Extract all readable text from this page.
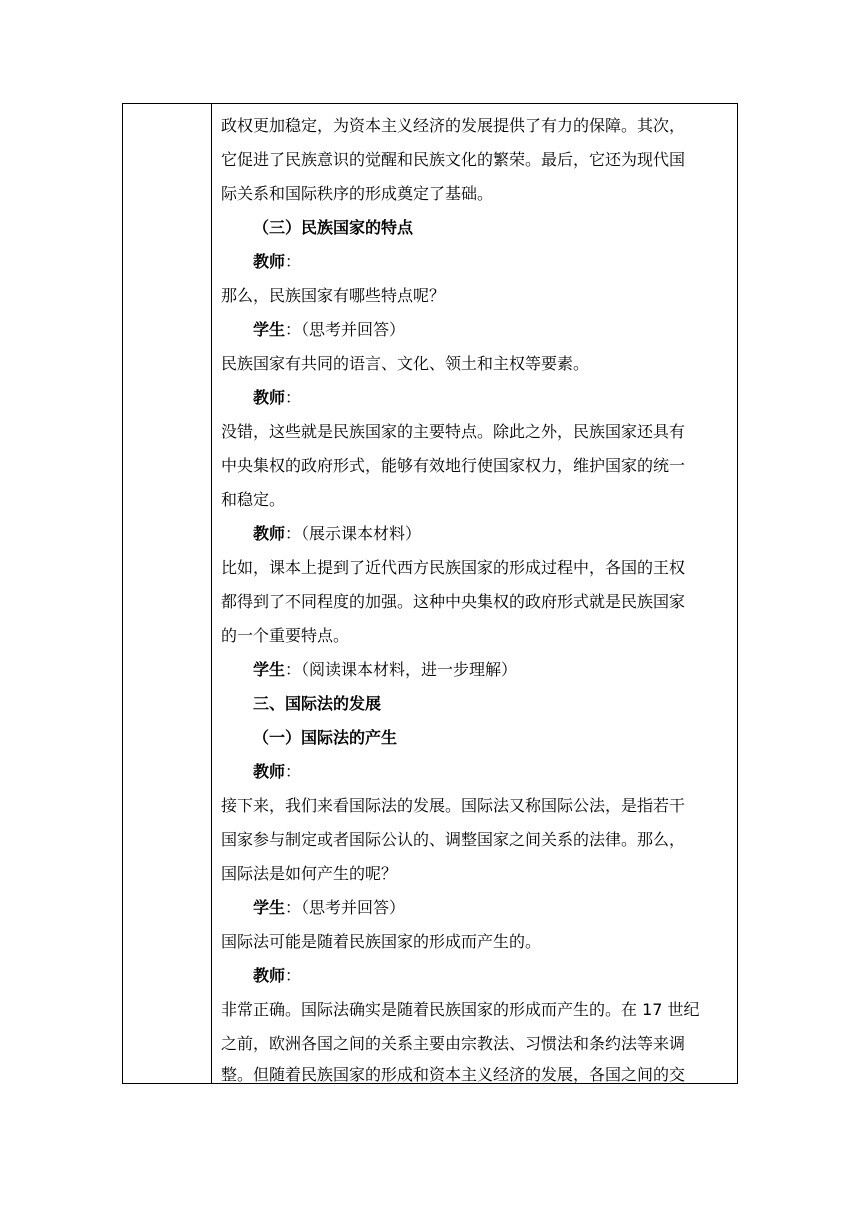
政权更加稳定，为资本主义经济的发展提供了有力的保障。其次，
它促进了民族意识的觉醒和民族文化的繁荣。最后，它还为现代国
际关系和国际秩序的形成奠定了基础。
（三）民族国家的特点
教师：
那么，民族国家有哪些特点呢？
学生：（思考并回答）
民族国家有共同的语言、文化、领土和主权等要素。
教师：
没错，这些就是民族国家的主要特点。除此之外，民族国家还具有
中央集权的政府形式，能够有效地行使国家权力，维护国家的统一
和稳定。
教师：（展示课本材料）
比如，课本上提到了近代西方民族国家的形成过程中，各国的王权
都得到了不同程度的加强。这种中央集权的政府形式就是民族国家
的一个重要特点。
学生：（阅读课本材料，进一步理解）
三、国际法的发展
（一）国际法的产生
教师：
接下来，我们来看国际法的发展。国际法又称国际公法，是指若干
国家参与制定或者国际公认的、调整国家之间关系的法律。那么，
国际法是如何产生的呢？
学生：（思考并回答）
国际法可能是随着民族国家的形成而产生的。
教师：
非常正确。国际法确实是随着民族国家的形成而产生的。在 17 世纪
之前，欧洲各国之间的关系主要由宗教法、习惯法和条约法等来调
整。但随着民族国家的形成和资本主义经济的发展，各国之间的交
